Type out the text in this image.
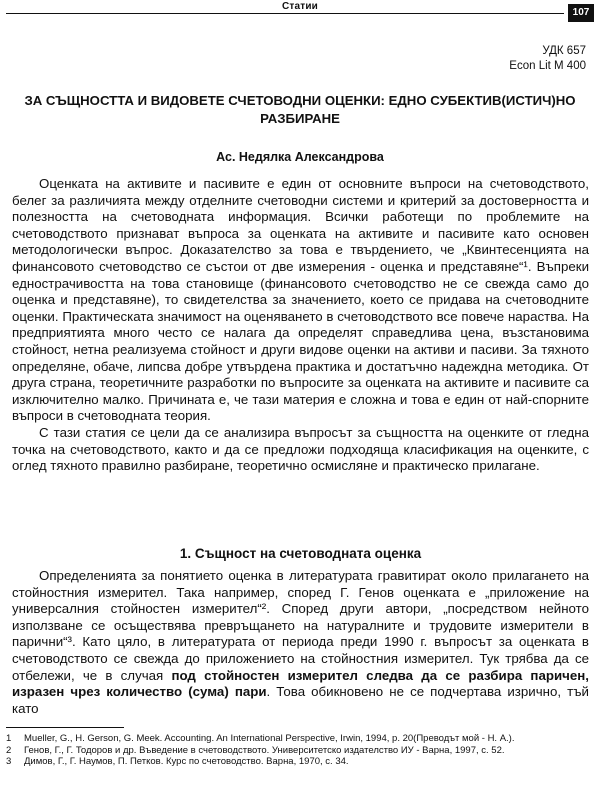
Статии
107
УДК 657
Econ Lit M 400
ЗА СЪЩНОСТТА И ВИДОВЕТЕ СЧЕТОВОДНИ ОЦЕНКИ: ЕДНО СУБЕКТИВ(ИСТИЧ)НО РАЗБИРАНЕ
Ас. Недялка Александрова

Оценката на активите и пасивите е един от основните въпроси на счетоводството, белег за различията между отделните счетоводни системи и критерий за достоверността и полезността на счетоводната информация. Всички работещи по проблемите на счетоводството признават въпроса за оценката на активите и пасивите като основен методологически въпрос. Доказателство за това е твърдението, че „Квинтесенцията на финансовото счетоводство се състои от две измерения - оценка и представяне“¹. Въпреки еднострачивостта на това становище (финансовото счетоводство не се свежда само до оценка и представяне), то свидетелства за значението, което се придава на счетоводните оценки. Практическата значимост на оценяването в счетоводството все повече нараства. На предприятията много често се налага да определят справедлива цена, възстановима стойност, нетна реализуема стойност и други видове оценки на активи и пасиви. За тяхното определяне, обаче, липсва добре утвърдена практика и достатъчно надеждна методика. От друга страна, теоретичните разработки по въпросите за оценката на активите и пасивите са изключително малко. Причината е, че тази материя е сложна и това е един от най-спорните въпроси в счетоводната теория.

С тази статия се цели да се анализира въпросът за същността на оценките от гледна точка на счетоводството, както и да се предложи подходяща класификация на оценките, с оглед тяхното правилно разбиране, теоретично осмисляне и практическо прилагане.

1. Същност на счетоводната оценка

Определенията за понятието оценка в литературата гравитират около прилагането на стойностния измерител. Така например, според Г. Генов оценката е „приложение на универсалния стойностен измерител“². Според други автори, „посредством нейното използване се осъществява превръщането на натуралните и трудовите измерители в парични“³. Като цяло, в литературата от периода преди 1990 г. въпросът за оценката в счетоводството се свежда до приложението на стойностния измерител. Тук трябва да се отбележи, че в случая под стойностен измерител следва да се разбира паричен, изразен чрез количество (сума) пари. Това обикновено не се подчертава изрично, тъй като

1	Mueller, G., H. Gerson, G. Meek. Accounting. An International Perspective, Irwin, 1994, p. 20(Преводът мой - Н. А.).
2	Генов, Г., Г. Тодоров и др. Въведение в счетоводството. Университетско издателство ИУ - Варна, 1997, с. 52.
3	Димов, Г., Г. Наумов, П. Петков. Курс по счетоводство. Варна, 1970, с. 34.
